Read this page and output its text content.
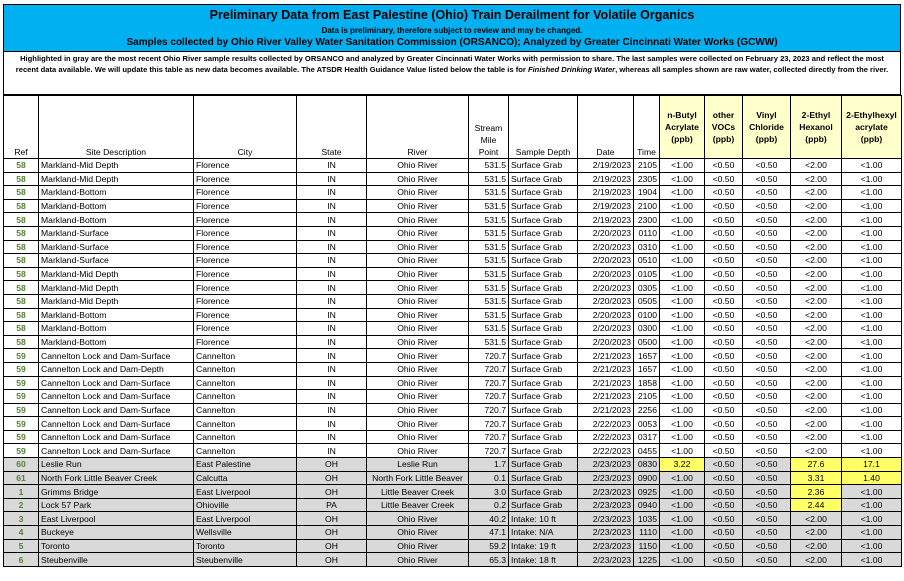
Preliminary Data from East Palestine (Ohio) Train Derailment for Volatile Organics
Data is preliminary, therefore subject to review and may be changed.
Samples collected by Ohio River Valley Water Sanitation Commission (ORSANCO); Analyzed by Greater Cincinnati Water Works (GCWW)
Highlighted in gray are the most recent Ohio River sample results collected by ORSANCO and analyzed by Greater Cincinnati Water Works with permission to share. The last samples were collected on February 23, 2023 and reflect the most recent data available. We will update this table as new data becomes available. The ATSDR Health Guidance Value listed below the table is for Finished Drinking Water, whereas all samples shown are raw water, collected directly from the river.
Ref	Site Description	City	State	River	Stream Mile Point	Sample Depth	Date	Time	n-Butyl Acrylate (ppb)	other VOCs (ppb)	Vinyl Chloride (ppb)	2-Ethyl Hexanol (ppb)	2-Ethylhexyl acrylate (ppb)
58	Markland-Mid Depth	Florence	IN	Ohio River	531.5	Surface Grab	2/19/2023	2105	<1.00	<0.50	<0.50	<2.00	<1.00
58	Markland-Mid Depth	Florence	IN	Ohio River	531.5	Surface Grab	2/19/2023	2305	<1.00	<0.50	<0.50	<2.00	<1.00
58	Markland-Bottom	Florence	IN	Ohio River	531.5	Surface Grab	2/19/2023	1904	<1.00	<0.50	<0.50	<2.00	<1.00
58	Markland-Bottom	Florence	IN	Ohio River	531.5	Surface Grab	2/19/2023	2100	<1.00	<0.50	<0.50	<2.00	<1.00
58	Markland-Bottom	Florence	IN	Ohio River	531.5	Surface Grab	2/19/2023	2300	<1.00	<0.50	<0.50	<2.00	<1.00
58	Markland-Surface	Florence	IN	Ohio River	531.5	Surface Grab	2/20/2023	0110	<1.00	<0.50	<0.50	<2.00	<1.00
58	Markland-Surface	Florence	IN	Ohio River	531.5	Surface Grab	2/20/2023	0310	<1.00	<0.50	<0.50	<2.00	<1.00
58	Markland-Surface	Florence	IN	Ohio River	531.5	Surface Grab	2/20/2023	0510	<1.00	<0.50	<0.50	<2.00	<1.00
58	Markland-Mid Depth	Florence	IN	Ohio River	531.5	Surface Grab	2/20/2023	0105	<1.00	<0.50	<0.50	<2.00	<1.00
58	Markland-Mid Depth	Florence	IN	Ohio River	531.5	Surface Grab	2/20/2023	0305	<1.00	<0.50	<0.50	<2.00	<1.00
58	Markland-Mid Depth	Florence	IN	Ohio River	531.5	Surface Grab	2/20/2023	0505	<1.00	<0.50	<0.50	<2.00	<1.00
58	Markland-Bottom	Florence	IN	Ohio River	531.5	Surface Grab	2/20/2023	0100	<1.00	<0.50	<0.50	<2.00	<1.00
58	Markland-Bottom	Florence	IN	Ohio River	531.5	Surface Grab	2/20/2023	0300	<1.00	<0.50	<0.50	<2.00	<1.00
58	Markland-Bottom	Florence	IN	Ohio River	531.5	Surface Grab	2/20/2023	0500	<1.00	<0.50	<0.50	<2.00	<1.00
59	Cannelton Lock and Dam-Surface	Cannelton	IN	Ohio River	720.7	Surface Grab	2/21/2023	1657	<1.00	<0.50	<0.50	<2.00	<1.00
59	Cannelton Lock and Dam-Depth	Cannelton	IN	Ohio River	720.7	Surface Grab	2/21/2023	1657	<1.00	<0.50	<0.50	<2.00	<1.00
59	Cannelton Lock and Dam-Surface	Cannelton	IN	Ohio River	720.7	Surface Grab	2/21/2023	1858	<1.00	<0.50	<0.50	<2.00	<1.00
59	Cannelton Lock and Dam-Surface	Cannelton	IN	Ohio River	720.7	Surface Grab	2/21/2023	2105	<1.00	<0.50	<0.50	<2.00	<1.00
59	Cannelton Lock and Dam-Surface	Cannelton	IN	Ohio River	720.7	Surface Grab	2/21/2023	2256	<1.00	<0.50	<0.50	<2.00	<1.00
59	Cannelton Lock and Dam-Surface	Cannelton	IN	Ohio River	720.7	Surface Grab	2/22/2023	0053	<1.00	<0.50	<0.50	<2.00	<1.00
59	Cannelton Lock and Dam-Surface	Cannelton	IN	Ohio River	720.7	Surface Grab	2/22/2023	0317	<1.00	<0.50	<0.50	<2.00	<1.00
59	Cannelton Lock and Dam-Surface	Cannelton	IN	Ohio River	720.7	Surface Grab	2/22/2023	0455	<1.00	<0.50	<0.50	<2.00	<1.00
60	Leslie Run	East Palestine	OH	Leslie Run	1.7	Surface Grab	2/23/2023	0830	3.22	<0.50	<0.50	27.6	17.1
61	North Fork Little Beaver Creek	Calcutta	OH	North Fork Little Beaver	0.1	Surface Grab	2/23/2023	0900	<1.00	<0.50	<0.50	3.31	1.40
1	Grimms Bridge	East Liverpool	OH	Little Beaver Creek	3.0	Surface Grab	2/23/2023	0925	<1.00	<0.50	<0.50	2.36	<1.00
2	Lock 57 Park	Ohioville	PA	Little Beaver Creek	0.2	Surface Grab	2/23/2023	0940	<1.00	<0.50	<0.50	2.44	<1.00
3	East Liverpool	East Liverpool	OH	Ohio River	40.2	Intake: 10 ft	2/23/2023	1035	<1.00	<0.50	<0.50	<2.00	<1.00
4	Buckeye	Wellsville	OH	Ohio River	47.1	Intake: N/A	2/23/2023	1110	<1.00	<0.50	<0.50	<2.00	<1.00
5	Toronto	Toronto	OH	Ohio River	59.2	Intake: 19 ft	2/23/2023	1150	<1.00	<0.50	<0.50	<2.00	<1.00
6	Steubenville	Steubenville	OH	Ohio River	65.3	Intake: 18 ft	2/23/2023	1225	<1.00	<0.50	<0.50	<2.00	<1.00
